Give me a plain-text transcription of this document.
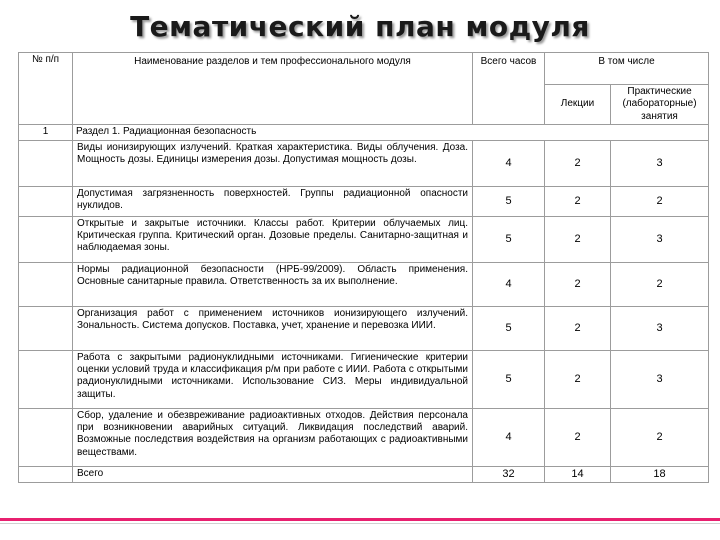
Тематический план модуля
№ п/п	Наименование разделов и тем профессионального модуля	Всего часов	В том числе	
			Лекции	Практические (лабораторные) занятия
1	Раздел 1. Радиационная безопасность			
	Виды ионизирующих излучений. Краткая характеристика. Виды облучения. Доза. Мощность дозы. Единицы измерения дозы. Допустимая мощность дозы.	4	2	3
	Допустимая загрязненность поверхностей. Группы радиационной опасности нуклидов.	5	2	2
	Открытые и закрытые источники. Классы работ. Критерии облучаемых лиц. Критическая группа. Критический орган. Дозовые пределы. Санитарно-защитная и наблюдаемая зоны.	5	2	3
	Нормы радиационной безопасности (НРБ-99/2009). Область применения. Основные санитарные правила. Ответственность за их выполнение.	4	2	2
	Организация работ с применением источников ионизирующего излучений. Зональность. Система допусков. Поставка, учет, хранение и перевозка ИИИ.	5	2	3
	Работа с закрытыми радионуклидными источниками. Гигиенические критерии оценки условий труда и классификация р/м при работе с ИИИ. Работа с открытыми радионуклидными источниками. Использование СИЗ. Меры индивидуальной защиты.	5	2	3
	Сбор, удаление и обезвреживание радиоактивных отходов. Действия персонала при возникновении аварийных ситуаций. Ликвидация последствий аварий. Возможные последствия воздействия на организм работающих с радиоактивными веществами.	4	2	2
	Всего	32	14	18
